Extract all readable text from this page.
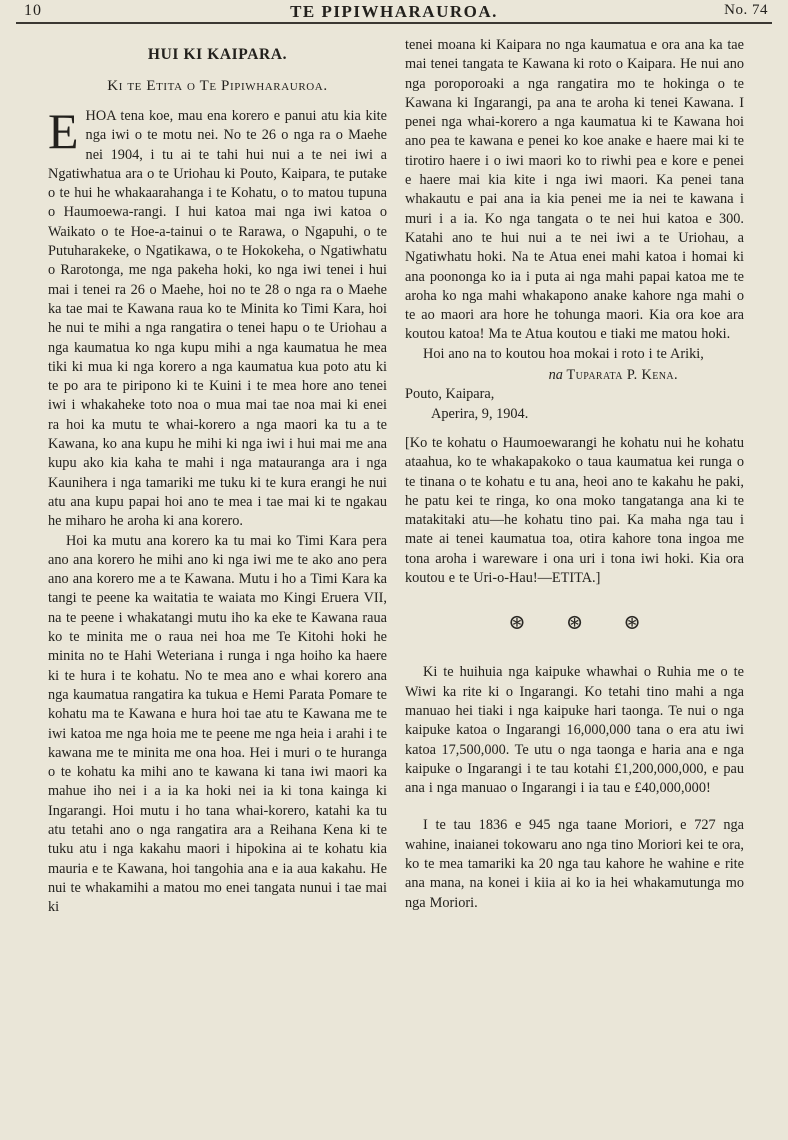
10	TE PIPIWHARAUROA.	No. 74
HUI KI KAIPARA.
Ki te Etita o Te Pipiwharauroa.

EHOA tena koe, mau ena korero e panui atu kia kite nga iwi o te motu nei. No te 26 o nga ra o Maehe nei 1904, i tu ai te tahi hui nui a te nei iwi a Ngatiwhatua ara o te Uriohau ki Pouto, Kaipara, te putake o te hui he whakaarahanga i te Kohatu, o to matou tupuna o Haumoewa-rangi. I hui katoa mai nga iwi katoa o Waikato o te Hoe-a-tainui o te Rarawa, o Ngapuhi, o te Putuharakeke, o Ngatikawa, o te Hokokeha, o Ngatiwhatu o Rarotonga, me nga pakeha hoki, ko nga iwi tenei i hui mai i tenei ra 26 o Maehe, hoi no te 28 o nga ra o Maehe ka tae mai te Kawana raua ko te Minita ko Timi Kara, hoi he nui te mihi a nga rangatira o tenei hapu o te Uriohau a nga kaumatua ko nga kupu mihi a nga kaumatua he mea tiki ki mua ki nga korero a nga kaumatua kua poto atu ki te po ara te piripono ki te Kuini i te mea hore ano tenei iwi i whakaheke toto noa o mua mai tae noa mai ki enei ra hoi ka mutu te whai-korero a nga maori ka tu a te Kawana, ko ana kupu he mihi ki nga iwi i hui mai me ana kupu ako kia kaha te mahi i nga matauranga ara i nga Kaunihera i nga tamariki me tuku ki te kura erangi he nui atu ana kupu papai hoi ano te mea i tae mai ki te ngakau he miharo he aroha ki ana korero.

Hoi ka mutu ana korero ka tu mai ko Timi Kara pera ano ana korero he mihi ano ki nga iwi me te ako ano pera ano ana korero me a te Kawana. Mutu i ho a Timi Kara ka tangi te peene ka waitatia te waiata mo Kingi Eruera VII, na te peene i whakatangi mutu iho ka eke te Kawana raua ko te minita me o raua nei hoa me Te Kitohi hoki he minita no te Hahi Weteriana i runga i nga hoiho ka haere ki te hura i te kohatu. No te mea ano e whai korero ana nga kaumatua rangatira ka tukua e Hemi Parata Pomare te kohatu ma te Kawana e hura hoi tae atu te Kawana me te iwi katoa me nga hoia me te peene me nga heia i arahi i te kawana me te minita me ona hoa. Hei i muri o te huranga o te kohatu ka mihi ano te kawana ki tana iwi maori ka mahue iho nei i a ia ka hoki nei ia ki tona kainga ki Ingarangi. Hoi mutu i ho tana whai-korero, katahi ka tu atu tetahi ano o nga rangatira ara a Reihana Kena ki te tuku atu i nga kakahu maori i hipokina ai te kohatu kia mauria e te Kawana, hoi tangohia ana e ia aua kakahu. He nui te whakamihi a matou mo enei tangata nunui i tae mai ki

tenei moana ki Kaipara no nga kaumatua e ora ana ka tae mai tenei tangata te Kawana ki roto o Kaipara. He nui ano nga poroporoaki a nga rangatira mo te hokinga o te Kawana ki Ingarangi, pa ana te aroha ki tenei Kawana. I penei nga whai-korero a nga kaumatua ki te Kawana hoi ano pea te kawana e penei ko koe anake e haere mai ki te tirotiro haere i o iwi maori ko to riwhi pea e kore e penei e haere mai kia kite i nga iwi maori. Ka penei tana whakautu e pai ana ia kia penei me ia nei te kawana i muri i a ia. Ko nga tangata o te nei hui katoa e 300. Katahi ano te hui nui a te nei iwi a te Uriohau, a Ngatiwhatu hoki. Na te Atua enei mahi katoa i homai ki ana poononga ko ia i puta ai nga mahi papai katoa me te aroha ko nga mahi whakapono anake kahore nga mahi o te ao maori ara hore he tohunga maori. Kia ora koe ara koutou katoa! Ma te Atua koutou e tiaki me matou hoki.

Hoi ano na to koutou hoa mokai i roto i te Ariki,

na Tuparata P. Kena.
Pouto, Kaipara,
Aperira, 9, 1904.

[Ko te kohatu o Haumoewarangi he kohatu nui he kohatu ataahua, ko te whakapakoko o taua kaumatua kei runga o te tinana o te kohatu e tu ana, heoi ano te kakahu he paki, he patu kei te ringa, ko ona moko tangatanga ana ki te matakitaki atu—he kohatu tino pai. Ka maha nga tau i mate ai tenei kaumatua toa, otira kahore tona ingoa me tona aroha i wareware i ona uri i tona iwi hoki. Kia ora koutou e te Uri-o-Hau!—ETITA.]

⊛ ⊛ ⊛

Ki te huihuia nga kaipuke whawhai o Ruhia me o te Wiwi ka rite ki o Ingarangi. Ko tetahi tino mahi a nga manuao hei tiaki i nga kaipuke hari taonga. Te nui o nga kaipuke katoa o Ingarangi 16,000,000 tana o era atu iwi katoa 17,500,000. Te utu o nga taonga e haria ana e nga kaipuke o Ingarangi i te tau kotahi £1,200,000,000, e pau ana i nga manuao o Ingarangi i ia tau e £40,000,000!

I te tau 1836 e 945 nga taane Moriori, e 727 nga wahine, inaianei tokowaru ano nga tino Moriori kei te ora, ko te mea tamariki ka 20 nga tau kahore he wahine e rite ana mana, na konei i kiia ai ko ia hei whakamutunga mo nga Moriori.
